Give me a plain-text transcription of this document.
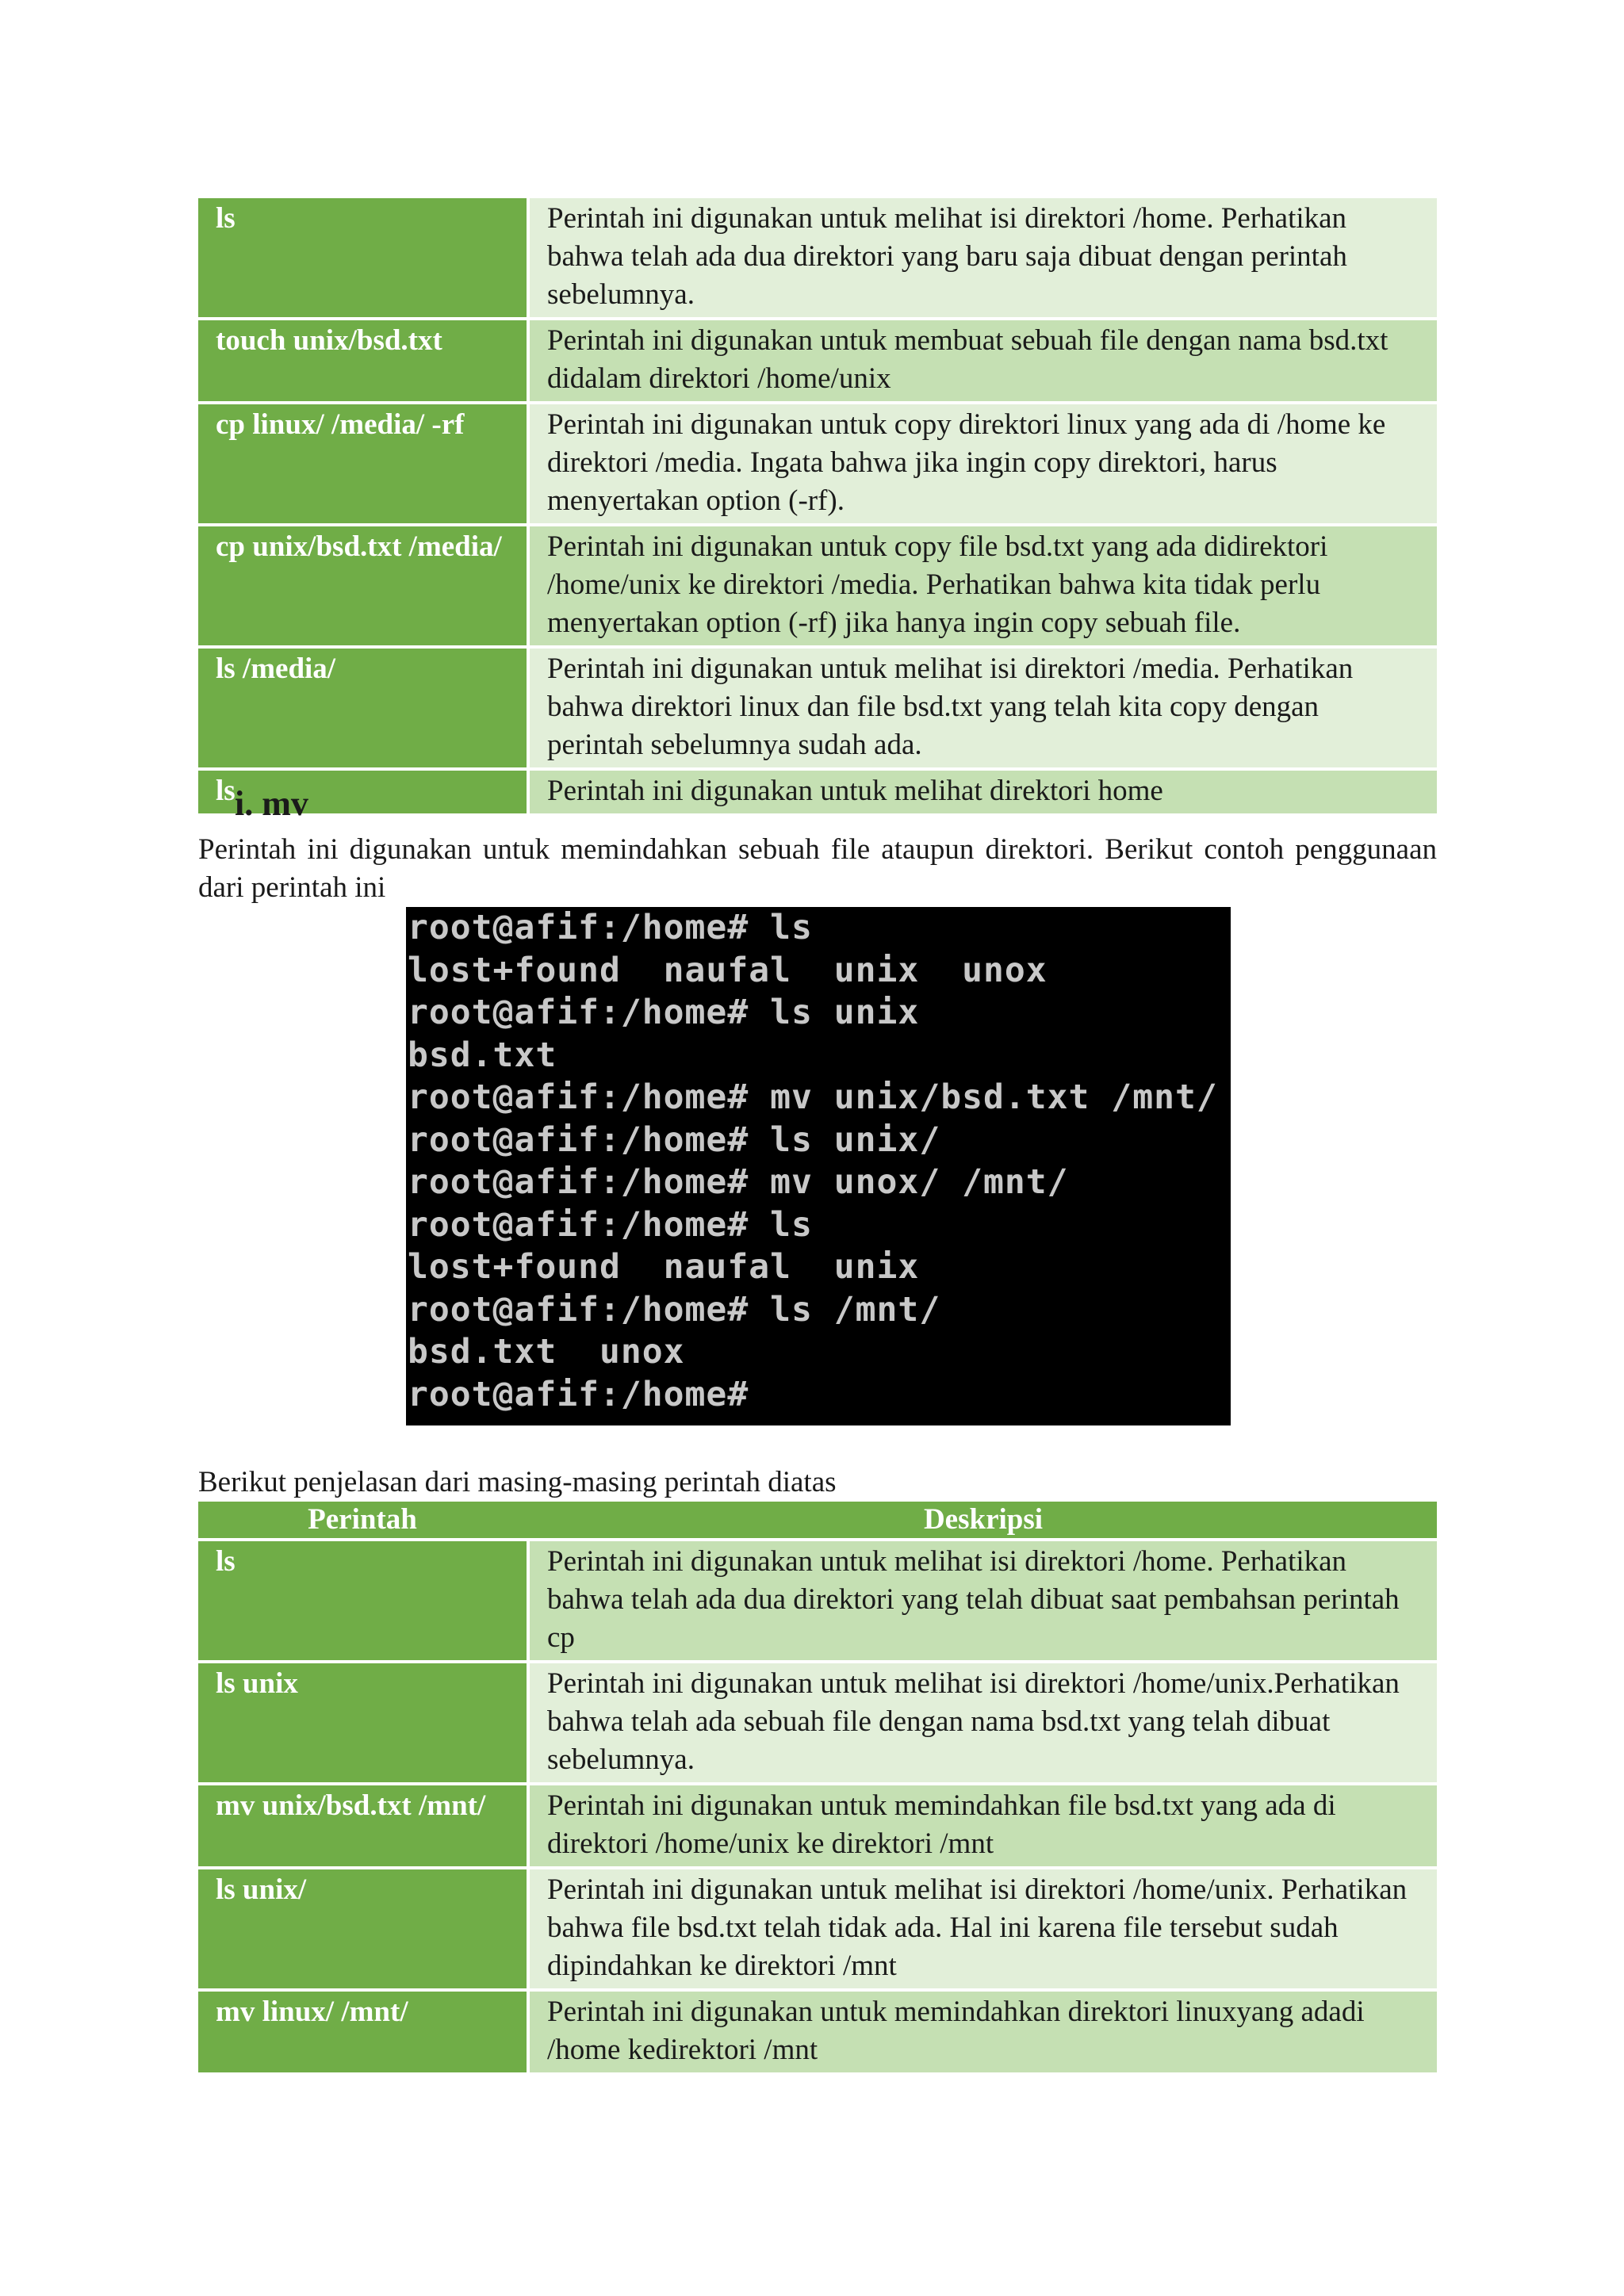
ls		Perintah ini digunakan untuk melihat isi direktori /home. Perhatikan bahwa telah ada dua direktori yang baru saja dibuat dengan perintah sebelumnya.
touch unix/bsd.txt		Perintah ini digunakan untuk membuat sebuah file dengan nama bsd.txt didalam direktori /home/unix
cp linux/ /media/ -rf		Perintah ini digunakan untuk copy direktori linux yang ada di /home ke direktori /media. Ingata bahwa jika ingin copy direktori, harus menyertakan option (-rf).
cp unix/bsd.txt /media/		Perintah ini digunakan untuk copy file bsd.txt yang ada didirektori /home/unix ke direktori /media. Perhatikan bahwa kita tidak perlu menyertakan option (-rf) jika hanya ingin copy sebuah file.
ls /media/		Perintah ini digunakan untuk melihat isi direktori /media. Perhatikan bahwa direktori linux dan file bsd.txt yang telah kita copy dengan perintah sebelumnya sudah ada.
ls		Perintah ini digunakan untuk melihat direktori home
i. mv
Perintah ini digunakan untuk memindahkan sebuah file ataupun direktori. Berikut contoh penggunaan dari perintah ini
root@afif:/home# ls
lost+found  naufal  unix  unox
root@afif:/home# ls unix
bsd.txt
root@afif:/home# mv unix/bsd.txt /mnt/
root@afif:/home# ls unix/
root@afif:/home# mv unox/ /mnt/
root@afif:/home# ls
lost+found  naufal  unix
root@afif:/home# ls /mnt/
bsd.txt  unox
root@afif:/home#
Berikut penjelasan dari masing-masing perintah diatas
Perintah		Deskripsi
ls		Perintah ini digunakan untuk melihat isi direktori /home. Perhatikan bahwa telah ada dua direktori yang telah dibuat saat pembahsan perintah cp
ls unix		Perintah ini digunakan untuk melihat isi direktori /home/unix.Perhatikan bahwa telah ada sebuah file dengan nama bsd.txt yang telah dibuat sebelumnya.
mv unix/bsd.txt /mnt/		Perintah ini digunakan untuk memindahkan file bsd.txt yang ada di direktori /home/unix ke direktori /mnt
ls unix/		Perintah ini digunakan untuk melihat isi direktori /home/unix. Perhatikan bahwa file bsd.txt telah tidak ada. Hal ini karena file tersebut sudah dipindahkan ke direktori /mnt
mv linux/ /mnt/		Perintah ini digunakan untuk memindahkan direktori linuxyang adadi /home kedirektori /mnt
